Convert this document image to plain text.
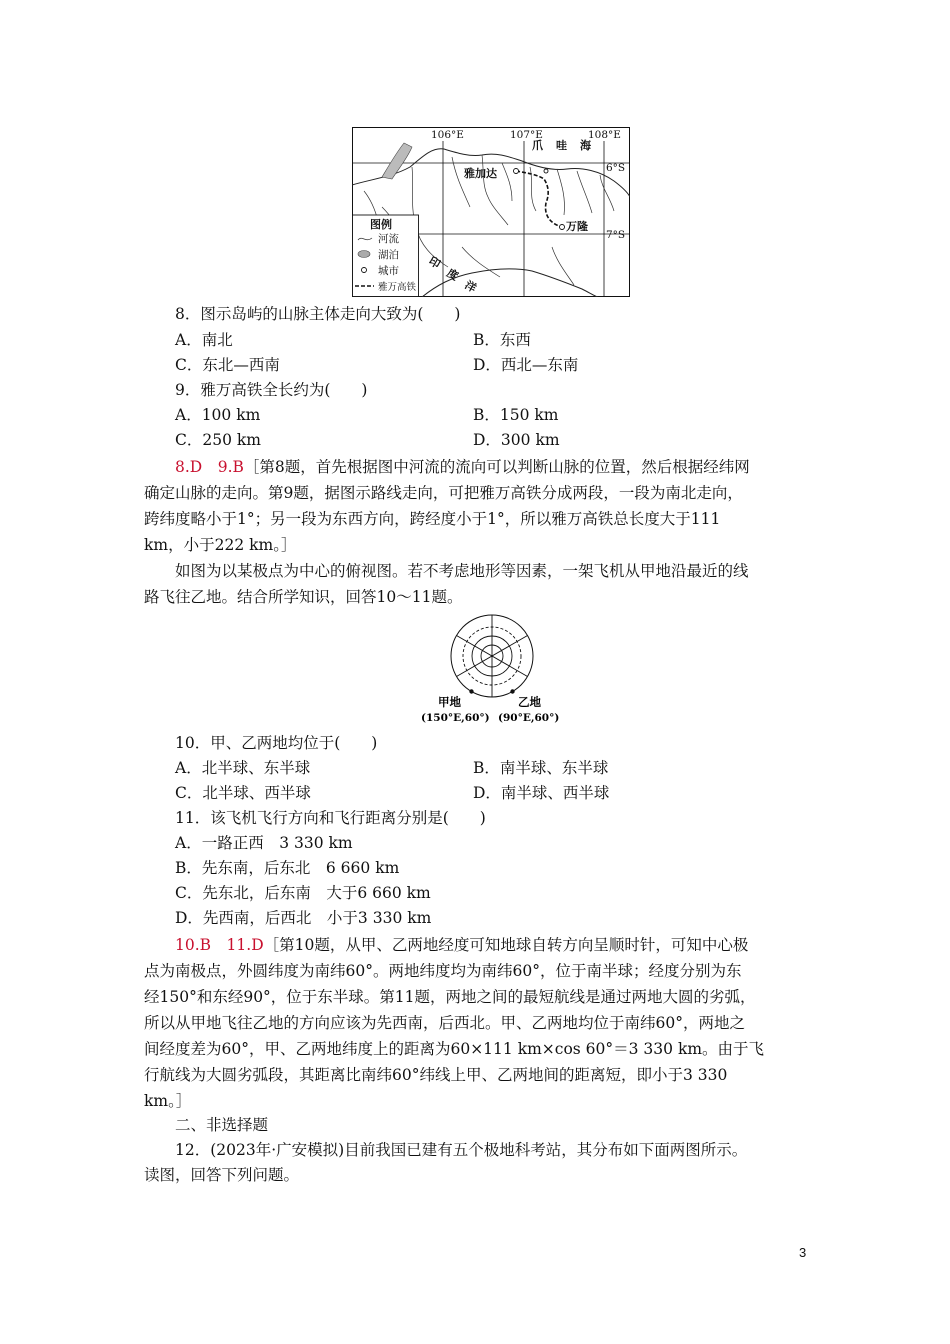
106°E	107°E	108°E
6°S
7°S
爪 哇 海
雅加达
万隆
印
度
洋
图例
河流
湖泊
城市
雅万高铁
8．图示岛屿的山脉主体走向大致为(　　)
A．南北	B．东西
C．东北—西南	D．西北—东南
9．雅万高铁全长约为(　　)
A．100 km	B．150 km
C．250 km	D．300 km
8.D　9.B［第8题，首先根据图中河流的流向可以判断山脉的位置，然后根据经纬网
确定山脉的走向。第9题，据图示路线走向，可把雅万高铁分成两段，一段为南北走向，
跨纬度略小于1°；另一段为东西方向，跨经度小于1°，所以雅万高铁总长度大于111
km，小于222 km。］
如图为以某极点为中心的俯视图。若不考虑地形等因素，一架飞机从甲地沿最近的线
路飞往乙地。结合所学知识，回答10～11题。
甲地	乙地
(150°E,60°) (90°E,60°)
10．甲、乙两地均位于(　　)
A．北半球、东半球	B．南半球、东半球
C．北半球、西半球	D．南半球、西半球
11．该飞机飞行方向和飞行距离分别是(　　)
A．一路正西　3 330 km
B．先东南，后东北　6 660 km
C．先东北，后东南　大于6 660 km
D．先西南，后西北　小于3 330 km
10.B　11.D［第10题，从甲、乙两地经度可知地球自转方向呈顺时针，可知中心极
点为南极点，外圆纬度为南纬60°。两地纬度均为南纬60°，位于南半球；经度分别为东
经150°和东经90°，位于东半球。第11题，两地之间的最短航线是通过两地大圆的劣弧，
所以从甲地飞往乙地的方向应该为先西南，后西北。甲、乙两地均位于南纬60°，两地之
间经度差为60°，甲、乙两地纬度上的距离为60×111 km×cos 60°＝3 330 km。由于飞
行航线为大圆劣弧段，其距离比南纬60°纬线上甲、乙两地间的距离短，即小于3 330
km。］
二、非选择题
12．(2023年·广安模拟)目前我国已建有五个极地科考站，其分布如下面两图所示。
读图，回答下列问题。
3
